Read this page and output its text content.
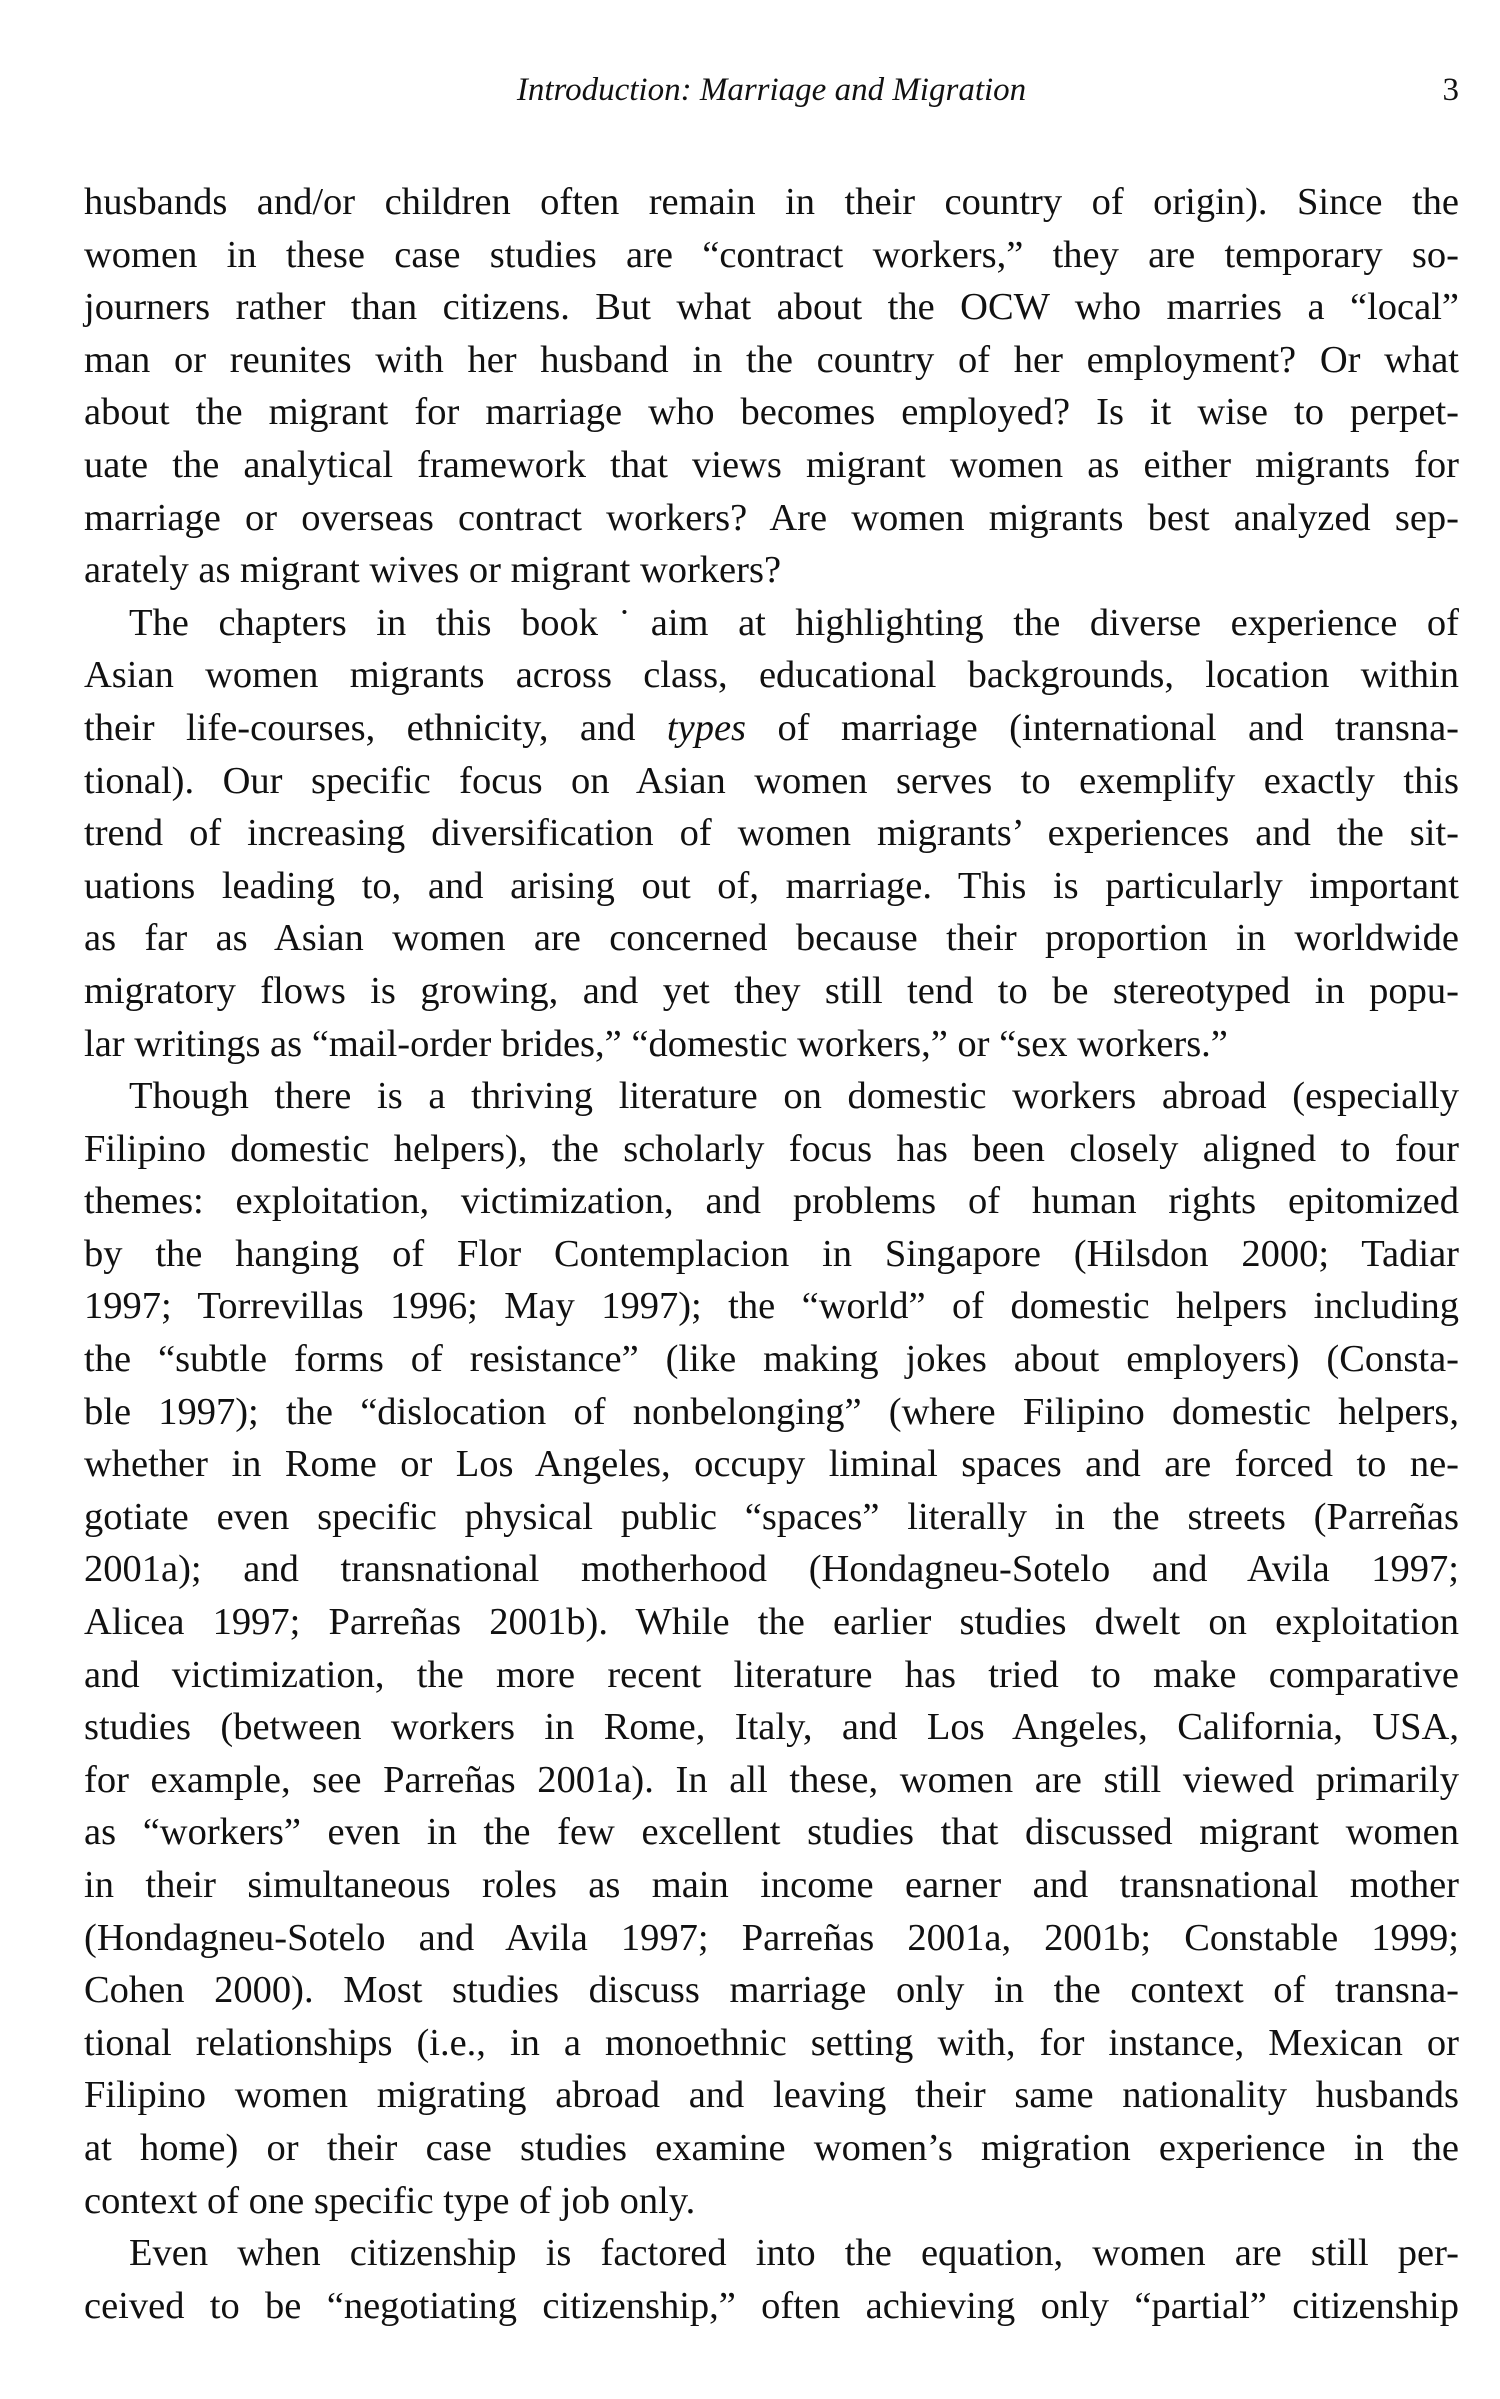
Introduction: Marriage and Migration	3
husbands and/or children often remain in their country of origin). Since the
women in these case studies are “contract workers,” they are temporary so-
journers rather than citizens. But what about the OCW who marries a “local”
man or reunites with her husband in the country of her employment? Or what
about the migrant for marriage who becomes employed? Is it wise to perpet-
uate the analytical framework that views migrant women as either migrants for
marriage or overseas contract workers? Are women migrants best analyzed sep-
arately as migrant wives or migrant workers?
The chapters in this book˙aim at highlighting the diverse experience of
Asian women migrants across class, educational backgrounds, location within
their life-courses, ethnicity, and types of marriage (international and transna-
tional). Our specific focus on Asian women serves to exemplify exactly this
trend of increasing diversification of women migrants’ experiences and the sit-
uations leading to, and arising out of, marriage. This is particularly important
as far as Asian women are concerned because their proportion in worldwide
migratory flows is growing, and yet they still tend to be stereotyped in popu-
lar writings as “mail-order brides,” “domestic workers,” or “sex workers.”
Though there is a thriving literature on domestic workers abroad (especially
Filipino domestic helpers), the scholarly focus has been closely aligned to four
themes: exploitation, victimization, and problems of human rights epitomized
by the hanging of Flor Contemplacion in Singapore (Hilsdon 2000; Tadiar
1997; Torrevillas 1996; May 1997); the “world” of domestic helpers including
the “subtle forms of resistance” (like making jokes about employers) (Consta-
ble 1997); the “dislocation of nonbelonging” (where Filipino domestic helpers,
whether in Rome or Los Angeles, occupy liminal spaces and are forced to ne-
gotiate even specific physical public “spaces” literally in the streets (Parreñas
2001a); and transnational motherhood (Hondagneu-Sotelo and Avila 1997;
Alicea 1997; Parreñas 2001b). While the earlier studies dwelt on exploitation
and victimization, the more recent literature has tried to make comparative
studies (between workers in Rome, Italy, and Los Angeles, California, USA,
for example, see Parreñas 2001a). In all these, women are still viewed primarily
as “workers” even in the few excellent studies that discussed migrant women
in their simultaneous roles as main income earner and transnational mother
(Hondagneu-Sotelo and Avila 1997; Parreñas 2001a, 2001b; Constable 1999;
Cohen 2000). Most studies discuss marriage only in the context of transna-
tional relationships (i.e., in a monoethnic setting with, for instance, Mexican or
Filipino women migrating abroad and leaving their same nationality husbands
at home) or their case studies examine women’s migration experience in the
context of one specific type of job only.
Even when citizenship is factored into the equation, women are still per-
ceived to be “negotiating citizenship,” often achieving only “partial” citizenship
